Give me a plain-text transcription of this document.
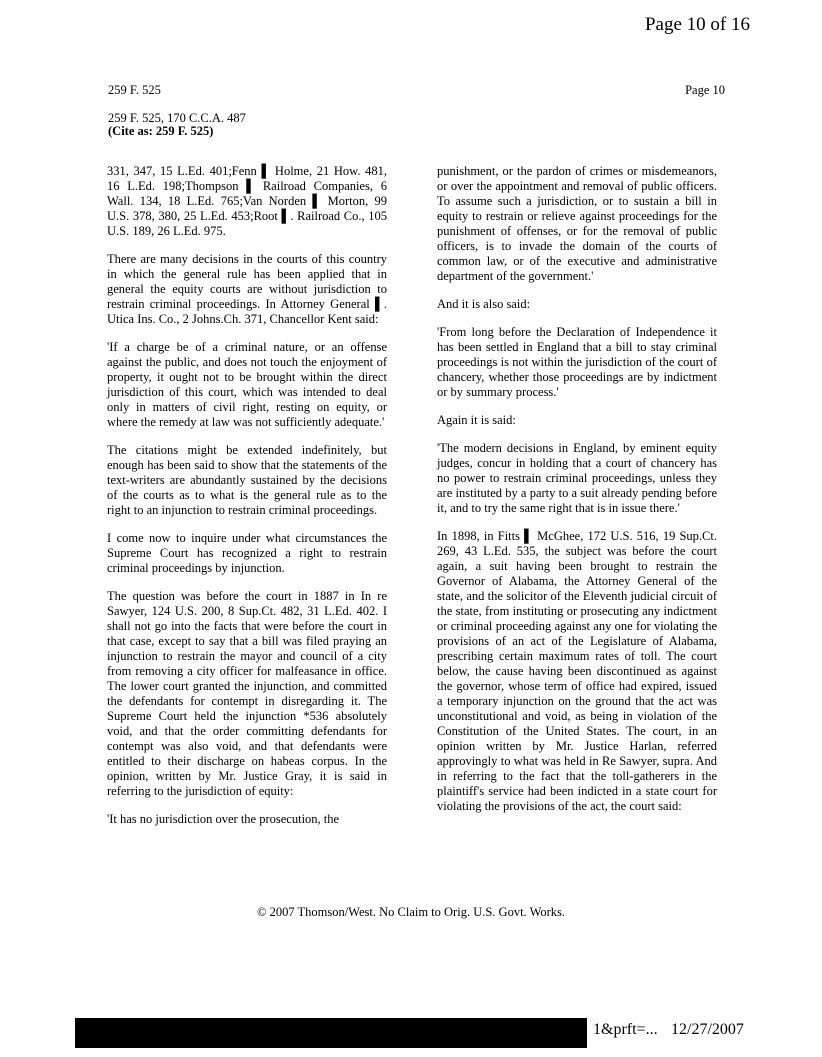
Page 10 of 16
259 F. 525	Page 10
259 F. 525, 170 C.C.A. 487
(Cite as: 259 F. 525)

331, 347, 15 L.Ed. 401;Fenn ▌ Holme, 21 How. 481, 16 L.Ed. 198;Thompson ▌ Railroad Companies, 6 Wall. 134, 18 L.Ed. 765;Van Norden ▌ Morton, 99 U.S. 378, 380, 25 L.Ed. 453;Root ▌. Railroad Co., 105 U.S. 189, 26 L.Ed. 975.

There are many decisions in the courts of this country in which the general rule has been applied that in general the equity courts are without jurisdiction to restrain criminal proceedings. In Attorney General ▌. Utica Ins. Co., 2 Johns.Ch. 371, Chancellor Kent said:

'If a charge be of a criminal nature, or an offense against the public, and does not touch the enjoyment of property, it ought not to be brought within the direct jurisdiction of this court, which was intended to deal only in matters of civil right, resting on equity, or where the remedy at law was not sufficiently adequate.'

The citations might be extended indefinitely, but enough has been said to show that the statements of the text-writers are abundantly sustained by the decisions of the courts as to what is the general rule as to the right to an injunction to restrain criminal proceedings.

I come now to inquire under what circumstances the Supreme Court has recognized a right to restrain criminal proceedings by injunction.

The question was before the court in 1887 in In re Sawyer, 124 U.S. 200, 8 Sup.Ct. 482, 31 L.Ed. 402. I shall not go into the facts that were before the court in that case, except to say that a bill was filed praying an injunction to restrain the mayor and council of a city from removing a city officer for malfeasance in office. The lower court granted the injunction, and committed the defendants for contempt in disregarding it. The Supreme Court held the injunction *536 absolutely void, and that the order committing defendants for contempt was also void, and that defendants were entitled to their discharge on habeas corpus. In the opinion, written by Mr. Justice Gray, it is said in referring to the jurisdiction of equity:

'It has no jurisdiction over the prosecution, the

punishment, or the pardon of crimes or misdemeanors, or over the appointment and removal of public officers. To assume such a jurisdiction, or to sustain a bill in equity to restrain or relieve against proceedings for the punishment of offenses, or for the removal of public officers, is to invade the domain of the courts of common law, or of the executive and administrative department of the government.'

And it is also said:

'From long before the Declaration of Independence it has been settled in England that a bill to stay criminal proceedings is not within the jurisdiction of the court of chancery, whether those proceedings are by indictment or by summary process.'

Again it is said:

'The modern decisions in England, by eminent equity judges, concur in holding that a court of chancery has no power to restrain criminal proceedings, unless they are instituted by a party to a suit already pending before it, and to try the same right that is in issue there.'

In 1898, in Fitts ▌ McGhee, 172 U.S. 516, 19 Sup.Ct. 269, 43 L.Ed. 535, the subject was before the court again, a suit having been brought to restrain the Governor of Alabama, the Attorney General of the state, and the solicitor of the Eleventh judicial circuit of the state, from instituting or prosecuting any indictment or criminal proceeding against any one for violating the provisions of an act of the Legislature of Alabama, prescribing certain maximum rates of toll. The court below, the cause having been discontinued as against the governor, whose term of office had expired, issued a temporary injunction on the ground that the act was unconstitutional and void, as being in violation of the Constitution of the United States. The court, in an opinion written by Mr. Justice Harlan, referred approvingly to what was held in Re Sawyer, supra. And in referring to the fact that the toll-gatherers in the plaintiff's service had been indicted in a state court for violating the provisions of the act, the court said:

© 2007 Thomson/West. No Claim to Orig. U.S. Govt. Works.
1&prft=... 12/27/2007
